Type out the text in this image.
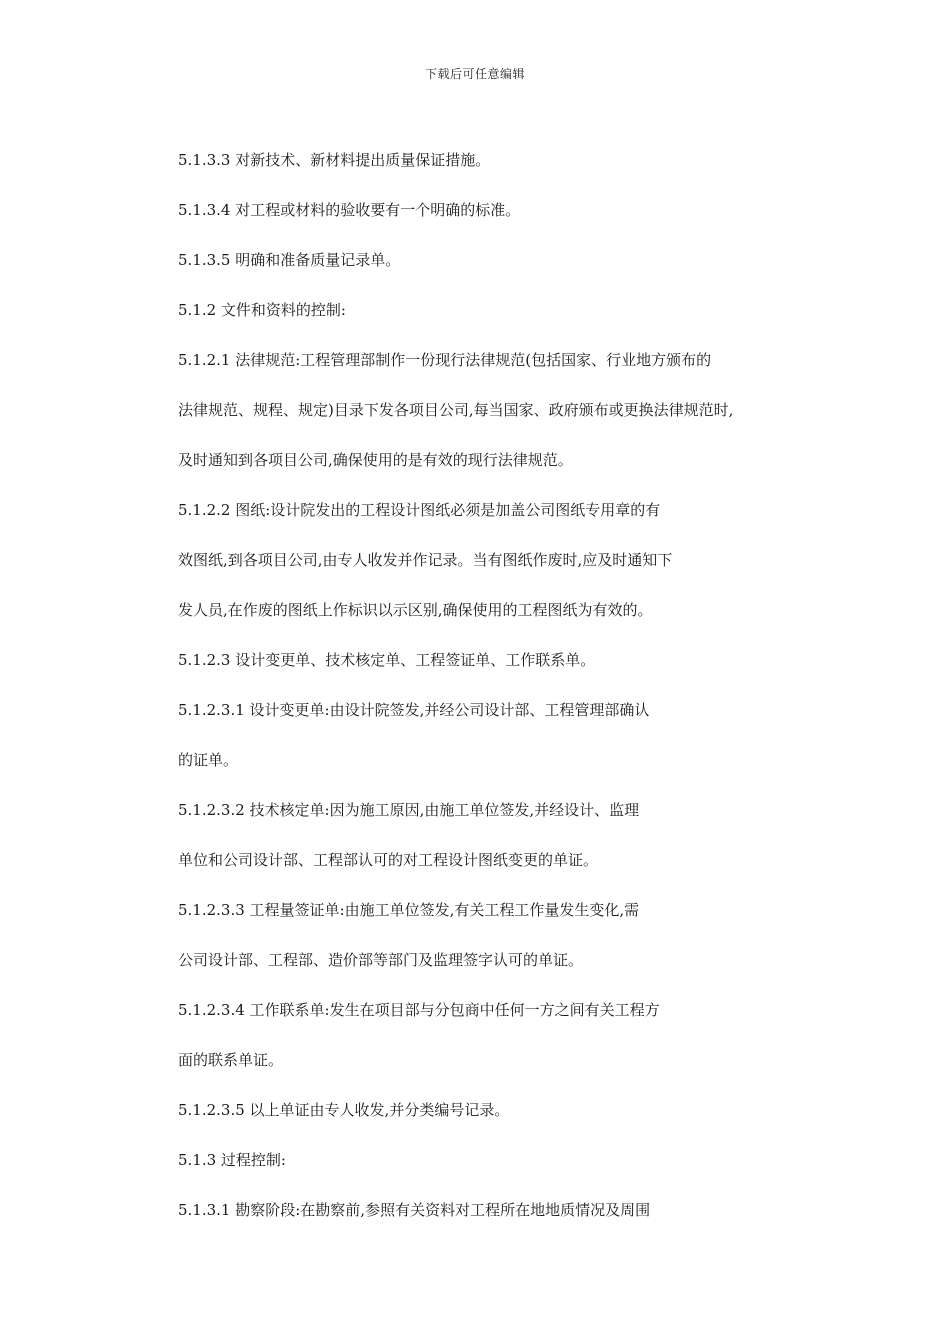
下载后可任意编辑
5.1.3.3 对新技术、新材料提出质量保证措施。
5.1.3.4 对工程或材料的验收要有一个明确的标准。
5.1.3.5 明确和准备质量记录单。
5.1.2 文件和资料的控制:
5.1.2.1 法律规范:工程管理部制作一份现行法律规范(包括国家、行业地方颁布的
法律规范、规程、规定)目录下发各项目公司,每当国家、政府颁布或更换法律规范时,
及时通知到各项目公司,确保使用的是有效的现行法律规范。
5.1.2.2 图纸:设计院发出的工程设计图纸必须是加盖公司图纸专用章的有
效图纸,到各项目公司,由专人收发并作记录。当有图纸作废时,应及时通知下
发人员,在作废的图纸上作标识以示区别,确保使用的工程图纸为有效的。
5.1.2.3 设计变更单、技术核定单、工程签证单、工作联系单。
5.1.2.3.1 设计变更单:由设计院签发,并经公司设计部、工程管理部确认
的证单。
5.1.2.3.2 技术核定单:因为施工原因,由施工单位签发,并经设计、监理
单位和公司设计部、工程部认可的对工程设计图纸变更的单证。
5.1.2.3.3 工程量签证单:由施工单位签发,有关工程工作量发生变化,需
公司设计部、工程部、造价部等部门及监理签字认可的单证。
5.1.2.3.4 工作联系单:发生在项目部与分包商中任何一方之间有关工程方
面的联系单证。
5.1.2.3.5 以上单证由专人收发,并分类编号记录。
5.1.3 过程控制:
5.1.3.1 勘察阶段:在勘察前,参照有关资料对工程所在地地质情况及周围
